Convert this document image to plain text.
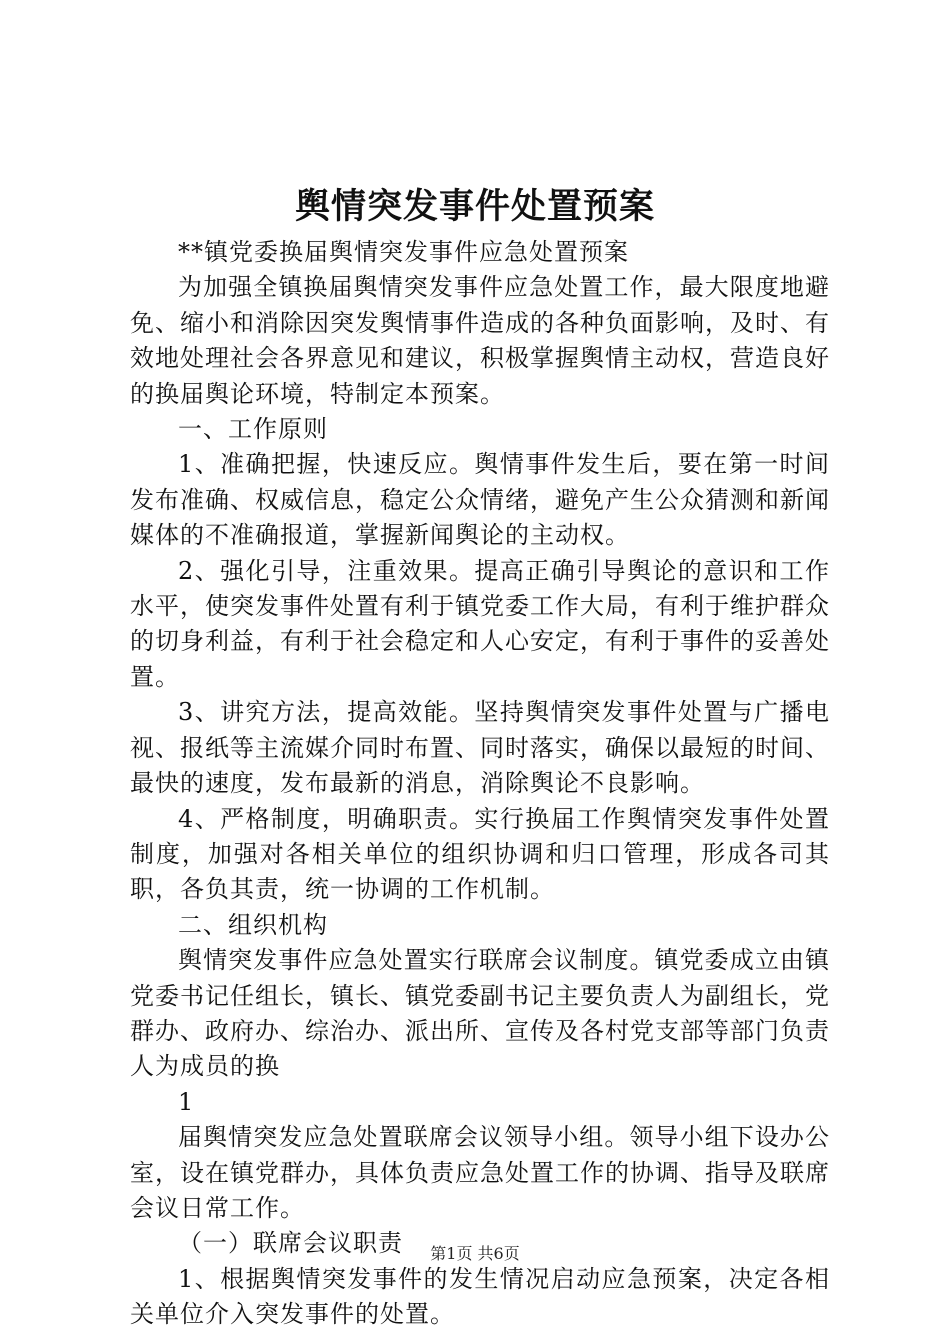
舆情突发事件处置预案

**镇党委换届舆情突发事件应急处置预案

为加强全镇换届舆情突发事件应急处置工作，最大限度地避免、缩小和消除因突发舆情事件造成的各种负面影响，及时、有效地处理社会各界意见和建议，积极掌握舆情主动权，营造良好的换届舆论环境，特制定本预案。

一、工作原则

1、准确把握，快速反应。舆情事件发生后，要在第一时间发布准确、权威信息，稳定公众情绪，避免产生公众猜测和新闻媒体的不准确报道，掌握新闻舆论的主动权。

2、强化引导，注重效果。提高正确引导舆论的意识和工作水平，使突发事件处置有利于镇党委工作大局，有利于维护群众的切身利益，有利于社会稳定和人心安定，有利于事件的妥善处置。

3、讲究方法，提高效能。坚持舆情突发事件处置与广播电视、报纸等主流媒介同时布置、同时落实，确保以最短的时间、最快的速度，发布最新的消息，消除舆论不良影响。

4、严格制度，明确职责。实行换届工作舆情突发事件处置制度，加强对各相关单位的组织协调和归口管理，形成各司其职，各负其责，统一协调的工作机制。

二、组织机构

舆情突发事件应急处置实行联席会议制度。镇党委成立由镇党委书记任组长，镇长、镇党委副书记主要负责人为副组长，党群办、政府办、综治办、派出所、宣传及各村党支部等部门负责人为成员的换

1

届舆情突发应急处置联席会议领导小组。领导小组下设办公室，设在镇党群办，具体负责应急处置工作的协调、指导及联席会议日常工作。

（一）联席会议职责

1、根据舆情突发事件的发生情况启动应急预案，决定各相关单位介入突发事件的处置。

第1页 共6页
